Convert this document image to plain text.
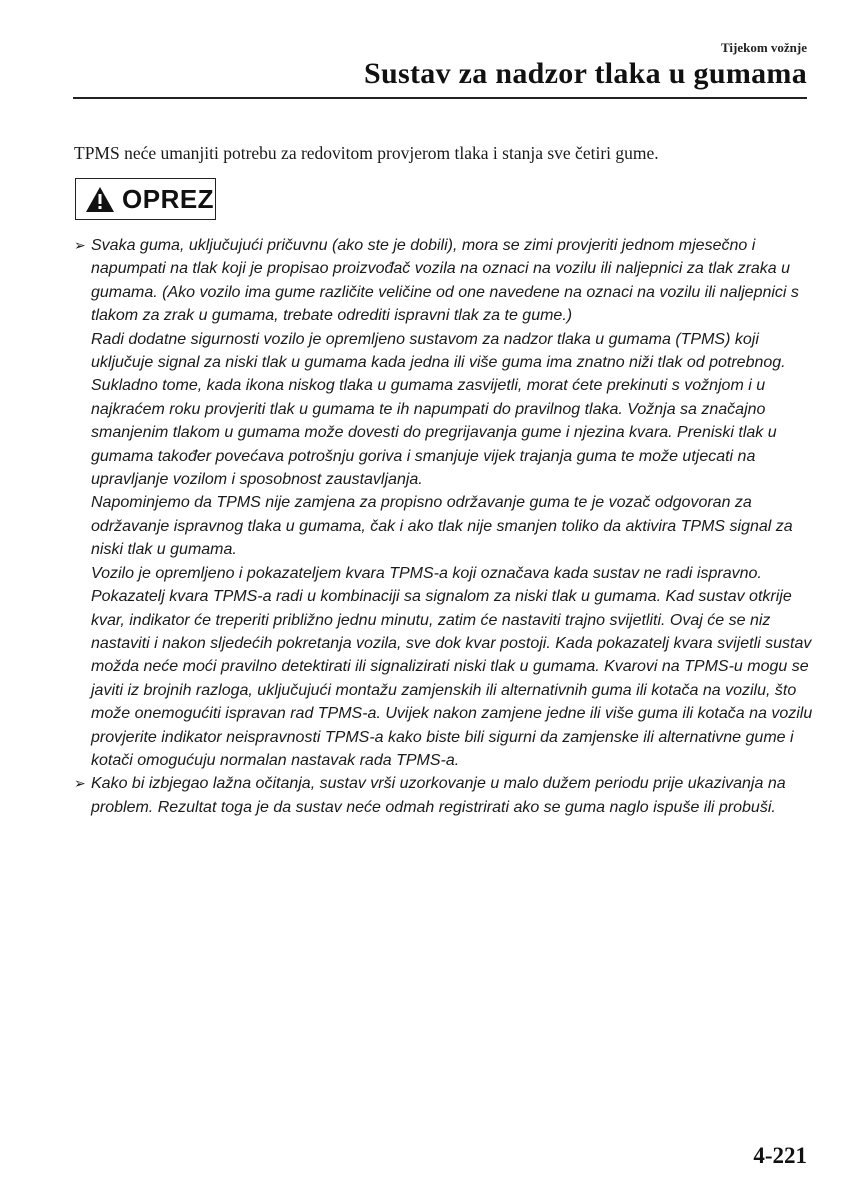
Tijekom vožnje
Sustav za nadzor tlaka u gumama
TPMS neće umanjiti potrebu za redovitom provjerom tlaka i stanja sve četiri gume.
OPREZ
➢ Svaka guma, uključujući pričuvnu (ako ste je dobili), mora se zimi provjeriti jednom mjesečno i napumpati na tlak koji je propisao proizvođač vozila na oznaci na vozilu ili naljepnici za tlak zraka u gumama. (Ako vozilo ima gume različite veličine od one navedene na oznaci na vozilu ili naljepnici s tlakom za zrak u gumama, trebate odrediti ispravni tlak za te gume.)
Radi dodatne sigurnosti vozilo je opremljeno sustavom za nadzor tlaka u gumama (TPMS) koji uključuje signal za niski tlak u gumama kada jedna ili više guma ima znatno niži tlak od potrebnog. Sukladno tome, kada ikona niskog tlaka u gumama zasvijetli, morat ćete prekinuti s vožnjom i u najkraćem roku provjeriti tlak u gumama te ih napumpati do pravilnog tlaka. Vožnja sa značajno smanjenim tlakom u gumama može dovesti do pregrijavanja gume i njezina kvara. Preniski tlak u gumama također povećava potrošnju goriva i smanjuje vijek trajanja guma te može utjecati na upravljanje vozilom i sposobnost zaustavljanja.
Napominjemo da TPMS nije zamjena za propisno održavanje guma te je vozač odgovoran za održavanje ispravnog tlaka u gumama, čak i ako tlak nije smanjen toliko da aktivira TPMS signal za niski tlak u gumama.
Vozilo je opremljeno i pokazateljem kvara TPMS-a koji označava kada sustav ne radi ispravno.
Pokazatelj kvara TPMS-a radi u kombinaciji sa signalom za niski tlak u gumama. Kad sustav otkrije kvar, indikator će treperiti približno jednu minutu, zatim će nastaviti trajno svijetliti. Ovaj će se niz nastaviti i nakon sljedećih pokretanja vozila, sve dok kvar postoji. Kada pokazatelj kvara svijetli sustav možda neće moći pravilno detektirati ili signalizirati niski tlak u gumama. Kvarovi na TPMS-u mogu se javiti iz brojnih razloga, uključujući montažu zamjenskih ili alternativnih guma ili kotača na vozilu, što može onemogućiti ispravan rad TPMS-a. Uvijek nakon zamjene jedne ili više guma ili kotača na vozilu provjerite indikator neispravnosti TPMS-a kako biste bili sigurni da zamjenske ili alternativne gume i kotači omogućuju normalan nastavak rada TPMS-a.
➢ Kako bi izbjegao lažna očitanja, sustav vrši uzorkovanje u malo dužem periodu prije ukazivanja na problem. Rezultat toga je da sustav neće odmah registrirati ako se guma naglo ispuše ili probuši.
4-221
